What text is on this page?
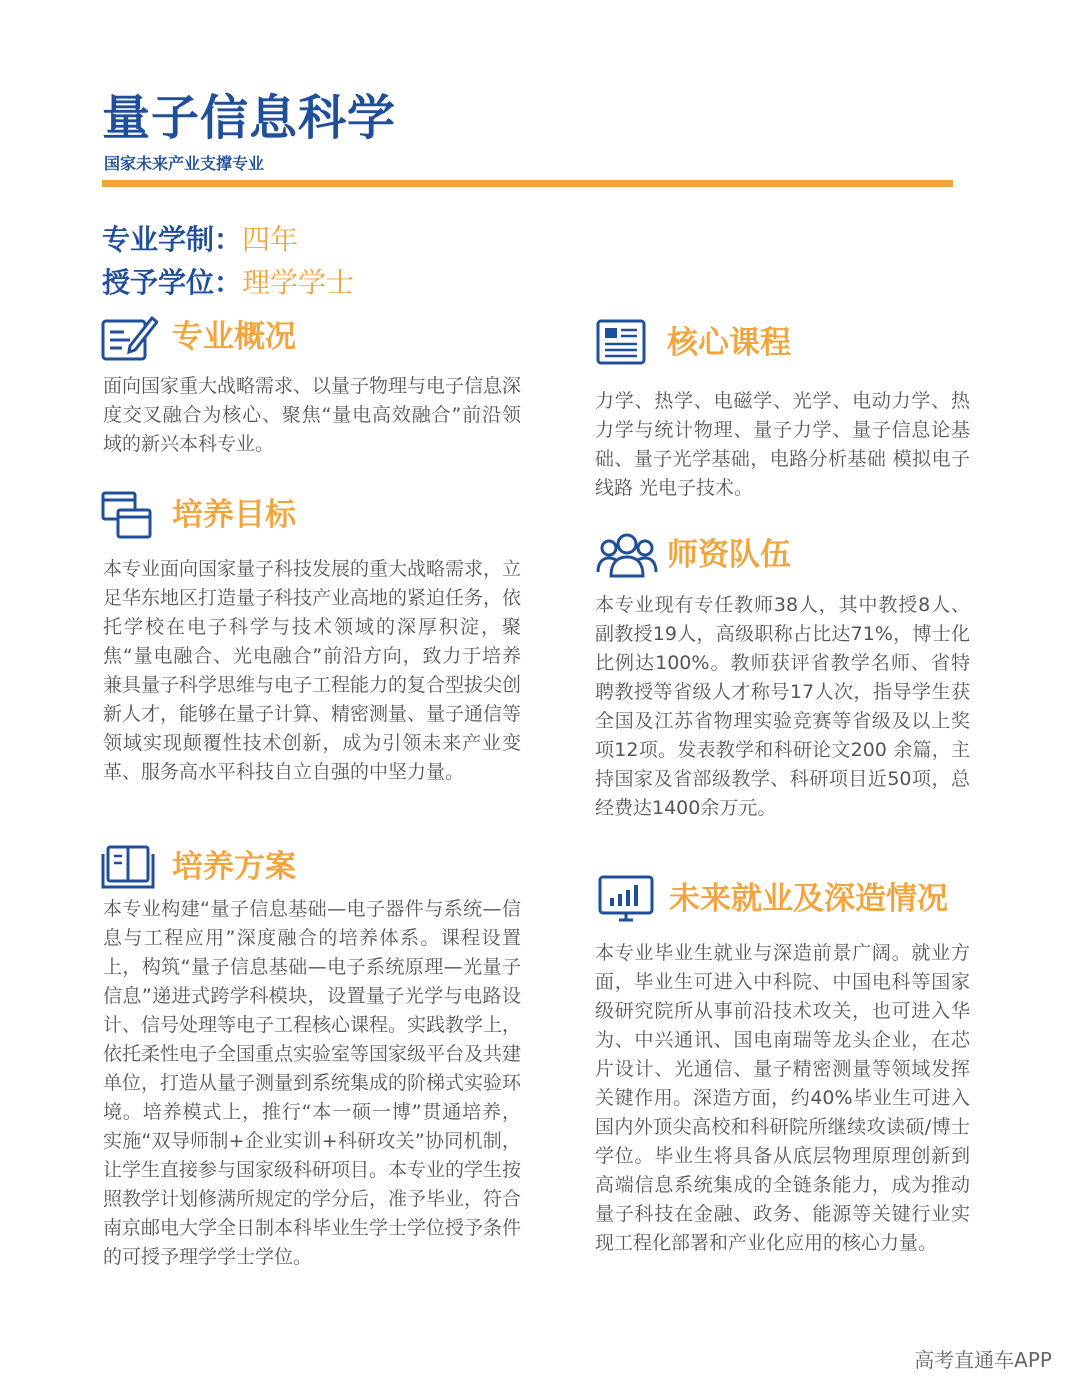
量子信息科学
国家未来产业支撑专业
专业学制：四年
授予学位：理学学士
专业概况
面向国家重大战略需求、以量子物理与电子信息深度交叉融合为核心、聚焦“量电高效融合”前沿领域的新兴本科专业。
培养目标
本专业面向国家量子科技发展的重大战略需求，立足华东地区打造量子科技产业高地的紧迫任务，依托学校在电子科学与技术领域的深厚积淀，聚焦“量电融合、光电融合”前沿方向，致力于培养兼具量子科学思维与电子工程能力的复合型拔尖创新人才，能够在量子计算、精密测量、量子通信等领域实现颠覆性技术创新，成为引领未来产业变革、服务高水平科技自立自强的中坚力量。
培养方案
本专业构建“量子信息基础—电子器件与系统—信息与工程应用”深度融合的培养体系。课程设置上，构筑“量子信息基础—电子系统原理—光量子信息”递进式跨学科模块，设置量子光学与电路设计、信号处理等电子工程核心课程。实践教学上，依托柔性电子全国重点实验室等国家级平台及共建单位，打造从量子测量到系统集成的阶梯式实验环境。培养模式上，推行“本一硕一博”贯通培养，实施“双导师制+企业实训+科研攻关”协同机制，让学生直接参与国家级科研项目。本专业的学生按照教学计划修满所规定的学分后，准予毕业，符合南京邮电大学全日制本科毕业生学士学位授予条件的可授予理学学士学位。
核心课程
力学、热学、电磁学、光学、电动力学、热力学与统计物理、量子力学、量子信息论基础、量子光学基础，电路分析基础 模拟电子线路 光电子技术。
师资队伍
本专业现有专任教师38人，其中教授8人、副教授19人，高级职称占比达71%，博士化比例达100%。教师获评省教学名师、省特聘教授等省级人才称号17人次，指导学生获全国及江苏省物理实验竞赛等省级及以上奖项12项。发表教学和科研论文200 余篇，主持国家及省部级教学、科研项目近50项，总经费达1400余万元。
未来就业及深造情况
本专业毕业生就业与深造前景广阔。就业方面，毕业生可进入中科院、中国电科等国家级研究院所从事前沿技术攻关，也可进入华为、中兴通讯、国电南瑞等龙头企业，在芯片设计、光通信、量子精密测量等领域发挥关键作用。深造方面，约40%毕业生可进入国内外顶尖高校和科研院所继续攻读硕/博士学位。毕业生将具备从底层物理原理创新到高端信息系统集成的全链条能力，成为推动量子科技在金融、政务、能源等关键行业实现工程化部署和产业化应用的核心力量。
高考直通车APP
